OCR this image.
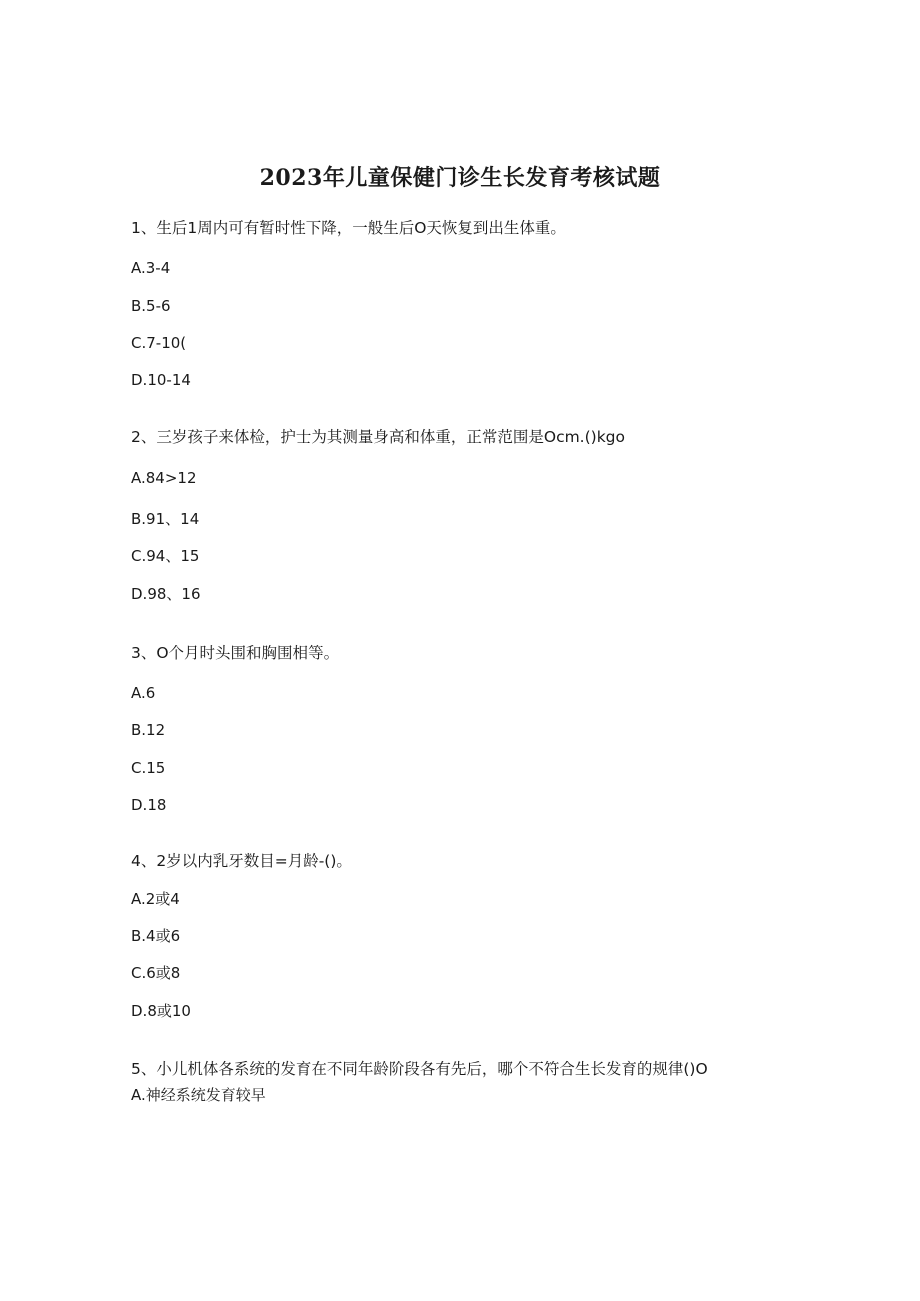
2023年儿童保健门诊生长发育考核试题
1、生后1周内可有暂时性下降，一般生后O天恢复到出生体重。
A.3-4
B.5-6
C.7-10(
D.10-14
2、三岁孩子来体检，护士为其测量身高和体重，正常范围是Ocm.()kgo
A.84>12
B.91、14
C.94、15
D.98、16
3、O个月时头围和胸围相等。
A.6
B.12
C.15
D.18
4、2岁以内乳牙数目=月龄-()。
A.2或4
B.4或6
C.6或8
D.8或10
5、小儿机体各系统的发育在不同年龄阶段各有先后，哪个不符合生长发育的规律()O
A.神经系统发育较早
